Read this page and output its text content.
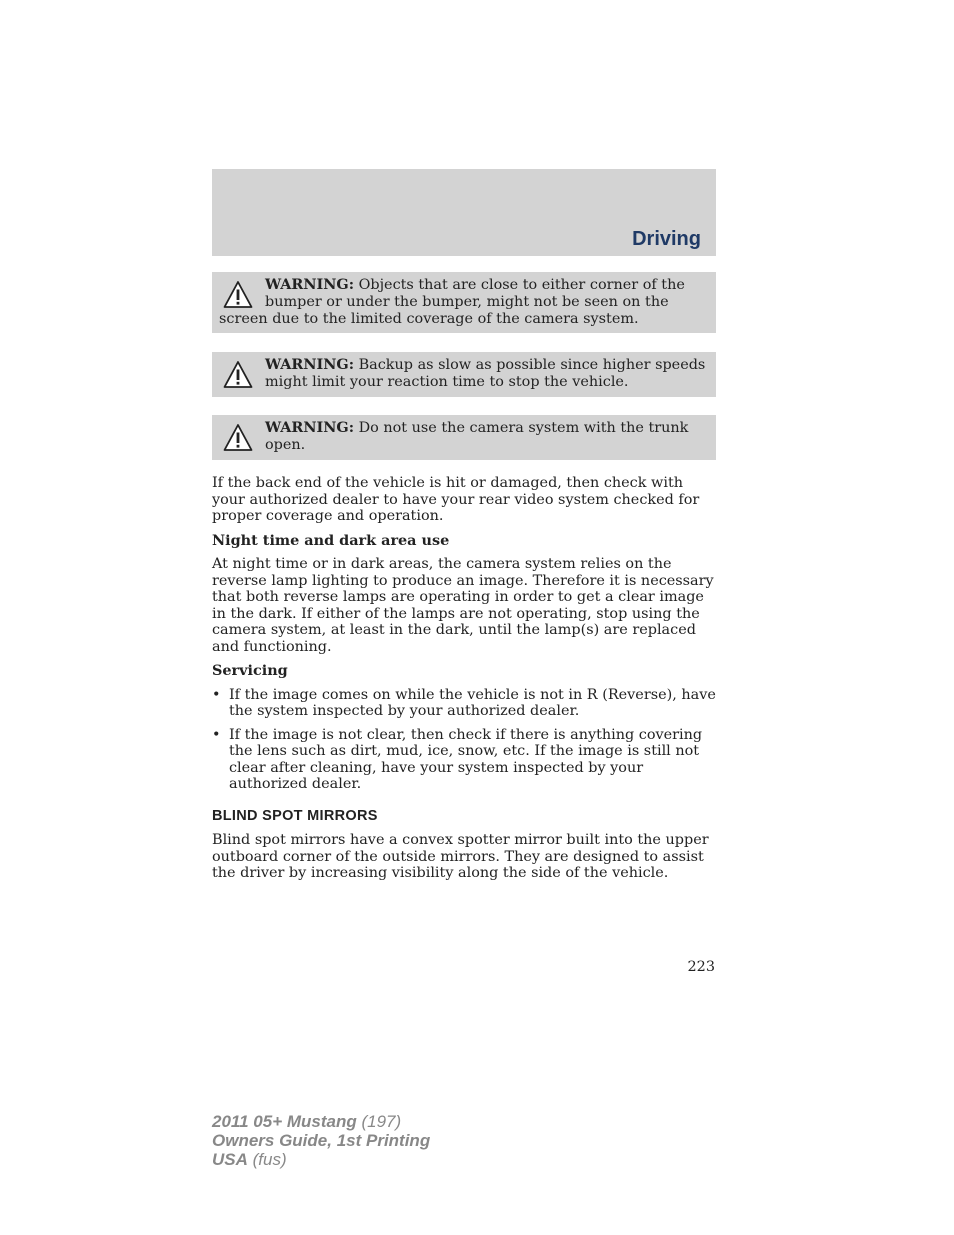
Driving
WARNING: Objects that are close to either corner of the bumper or under the bumper, might not be seen on the screen due to the limited coverage of the camera system.
WARNING: Backup as slow as possible since higher speeds might limit your reaction time to stop the vehicle.
WARNING: Do not use the camera system with the trunk open.

If the back end of the vehicle is hit or damaged, then check with your authorized dealer to have your rear video system checked for proper coverage and operation.

Night time and dark area use

At night time or in dark areas, the camera system relies on the reverse lamp lighting to produce an image. Therefore it is necessary that both reverse lamps are operating in order to get a clear image in the dark. If either of the lamps are not operating, stop using the camera system, at least in the dark, until the lamp(s) are replaced and functioning.

Servicing

• If the image comes on while the vehicle is not in R (Reverse), have the system inspected by your authorized dealer.
• If the image is not clear, then check if there is anything covering the lens such as dirt, mud, ice, snow, etc. If the image is still not clear after cleaning, have your system inspected by your authorized dealer.
BLIND SPOT MIRRORS

Blind spot mirrors have a convex spotter mirror built into the upper outboard corner of the outside mirrors. They are designed to assist the driver by increasing visibility along the side of the vehicle.

223
2011 05+ Mustang (197)
Owners Guide, 1st Printing
USA (fus)
